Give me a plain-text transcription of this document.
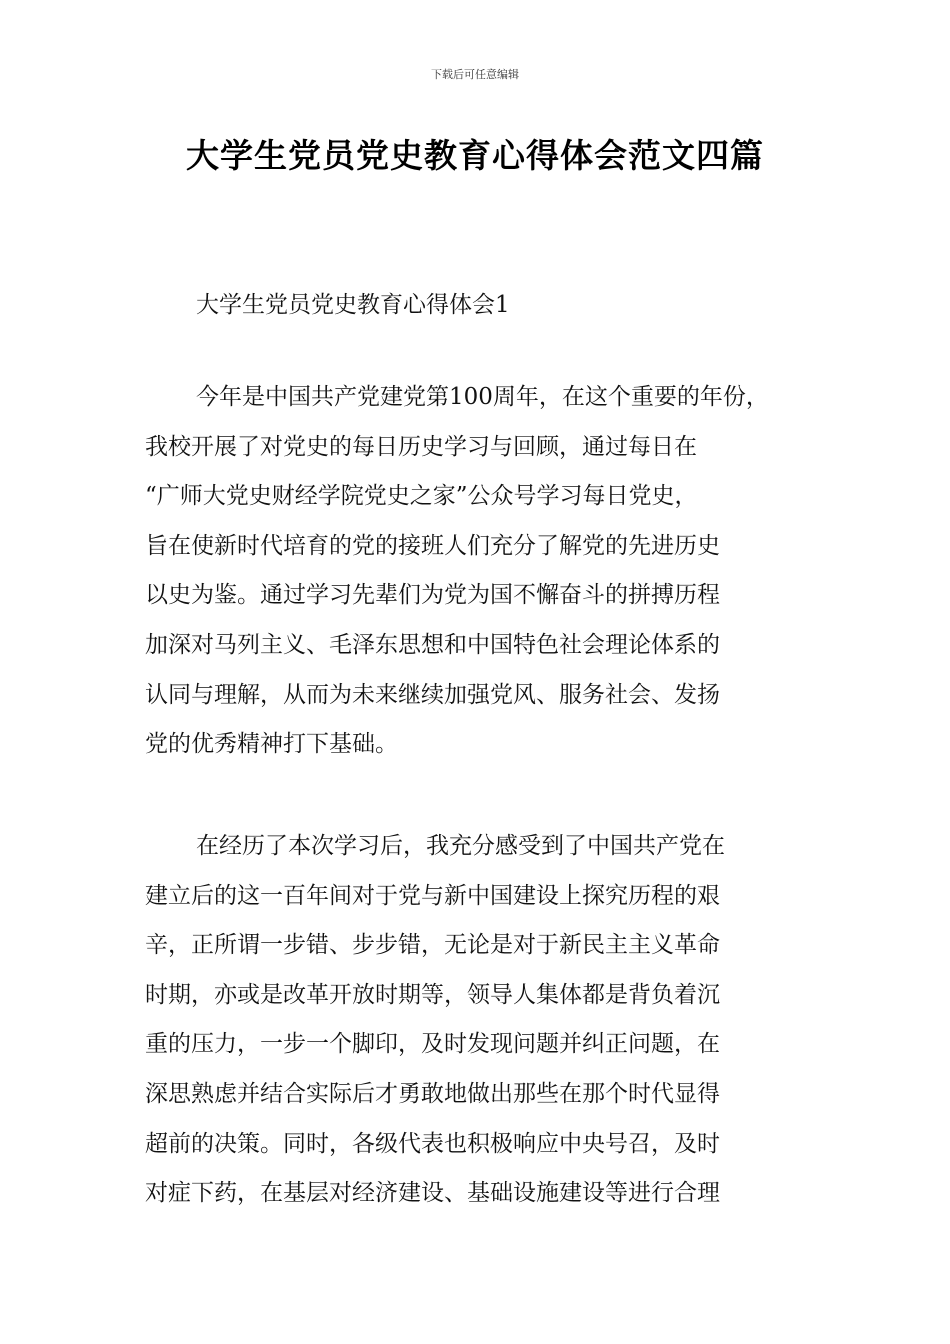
下载后可任意编辑
大学生党员党史教育心得体会范文四篇
大学生党员党史教育心得体会1
今年是中国共产党建党第100周年，在这个重要的年份，
我校开展了对党史的每日历史学习与回顾，通过每日在
“广师大党史财经学院党史之家”公众号学习每日党史，
旨在使新时代培育的党的接班人们充分了解党的先进历史
以史为鉴。通过学习先辈们为党为国不懈奋斗的拼搏历程
加深对马列主义、毛泽东思想和中国特色社会理论体系的
认同与理解，从而为未来继续加强党风、服务社会、发扬
党的优秀精神打下基础。
在经历了本次学习后，我充分感受到了中国共产党在
建立后的这一百年间对于党与新中国建设上探究历程的艰
辛，正所谓一步错、步步错，无论是对于新民主主义革命
时期，亦或是改革开放时期等，领导人集体都是背负着沉
重的压力，一步一个脚印，及时发现问题并纠正问题，在
深思熟虑并结合实际后才勇敢地做出那些在那个时代显得
超前的决策。同时，各级代表也积极响应中央号召，及时
对症下药，在基层对经济建设、基础设施建设等进行合理
